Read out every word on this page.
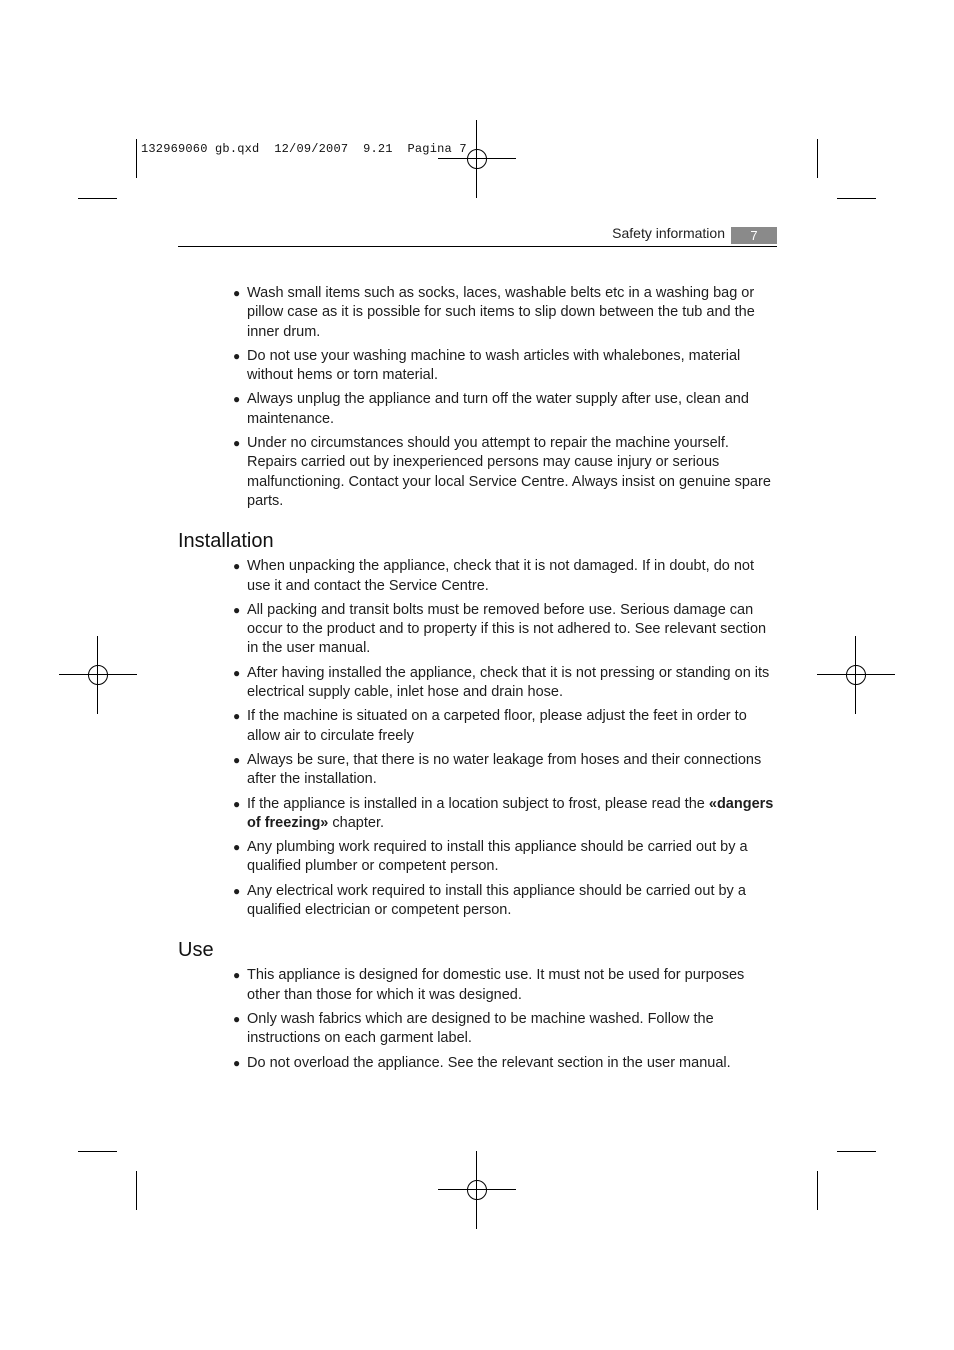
132969060 gb.qxd 12/09/2007 9.21 Pagina 7
Safety information	7
● Wash small items such as socks, laces, washable belts etc in a washing bag or pillow case as it is possible for such items to slip down between the tub and the inner drum.
● Do not use your washing machine to wash articles with whalebones, material without hems or torn material.
● Always unplug the appliance and turn off the water supply after use, clean and maintenance.
● Under no circumstances should you attempt to repair the machine yourself. Repairs carried out by inexperienced persons may cause injury or serious malfunctioning. Contact your local Service Centre. Always insist on genuine spare parts.
Installation
● When unpacking the appliance, check that it is not damaged. If in doubt, do not use it and contact the Service Centre.
● All packing and transit bolts must be removed before use. Serious damage can occur to the product and to property if this is not adhered to. See relevant section in the user manual.
● After having installed the appliance, check that it is not pressing or standing on its electrical supply cable, inlet hose and drain hose.
● If the machine is situated on a carpeted floor, please adjust the feet in order to allow air to circulate freely
● Always be sure, that there is no water leakage from hoses and their connections after the installation.
● If the appliance is installed in a location subject to frost, please read the «dangers of freezing» chapter.
● Any plumbing work required to install this appliance should be carried out by a qualified plumber or competent person.
● Any electrical work required to install this appliance should be carried out by a qualified electrician or competent person.
Use
● This appliance is designed for domestic use. It must not be used for purposes other than those for which it was designed.
● Only wash fabrics which are designed to be machine washed. Follow the instructions on each garment label.
● Do not overload the appliance. See the relevant section in the user manual.
